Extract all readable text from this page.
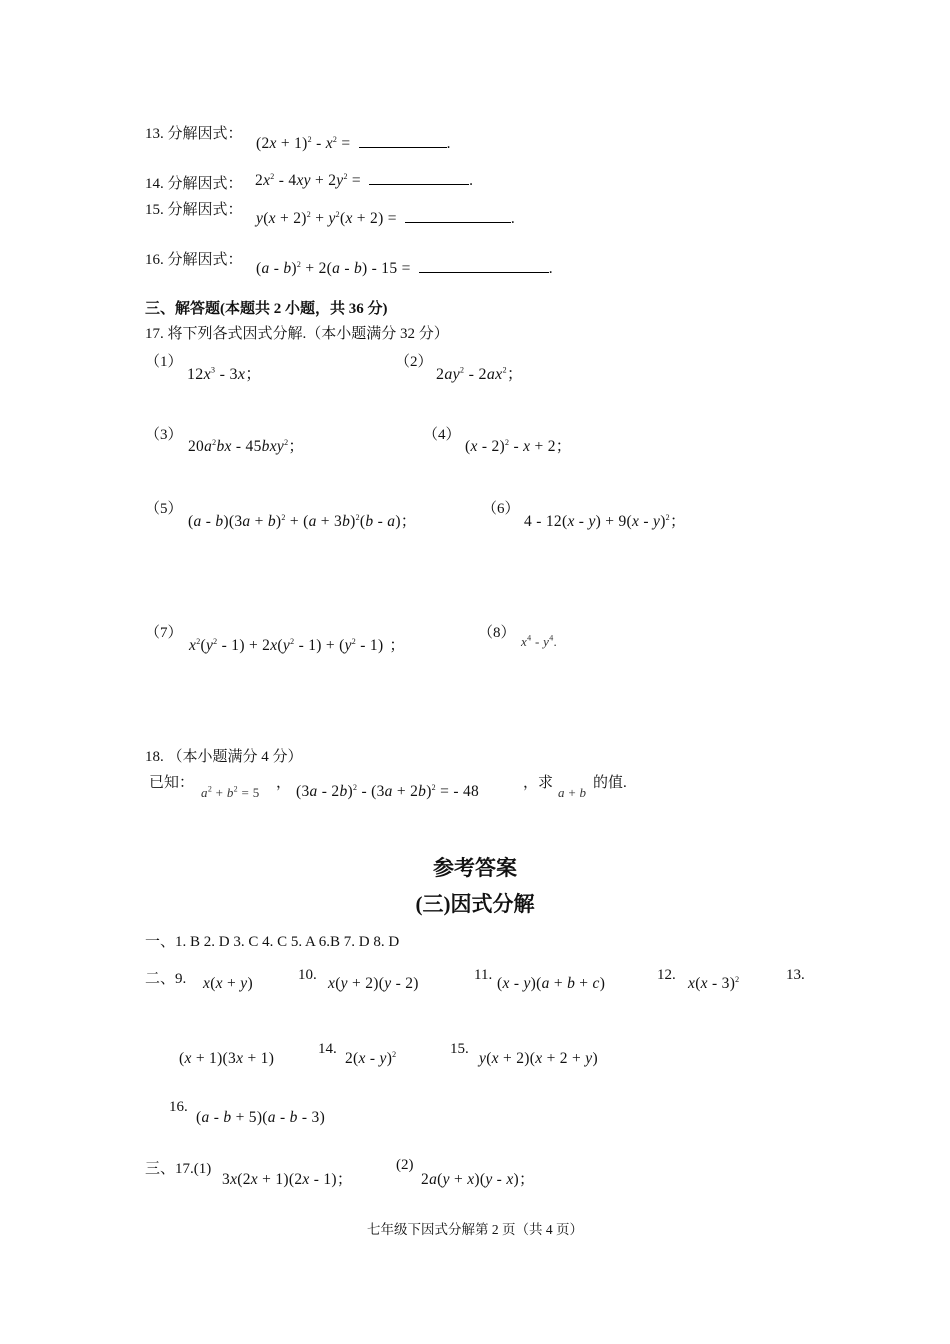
13. 分解因式：
$(2x + 1)^2 - x^2$ =	.
14. 分解因式： $2x^2 - 4xy + 2y^2$ =	.
15. 分解因式： $y(x + 2)^2 + y^2(x + 2)$ =	.
16. 分解因式： (a - b)$^2$ + 2(a - b) - 15 =	.
三、解答题(本题共 2 小题，共 36 分)
17. 将下列各式因式分解.（本小题满分 32 分）
（1）
$12x^3 - 3x$；
（2）
$2ay^2 - 2ax^2$；
（3）
$20a^2bx - 45bxy^2$；
（4）
(x - 2)$^2$ - x + 2；
（5）
$(a - b)(3a + b)^2 + (a + 3b)^2(b - a)$；
（6）
4 - 12(x - y) + 9(x - y)$^2$；
（7）
$x^2(y^2 - 1) + 2x(y^2 - 1) + (y^2 - 1)$ ；
（8）
$x^4 - y^4$.
18. （本小题满分 4 分）
已知：
$a^2 + b^2 = 5$
， $(3a - 2b)^2 - (3a + 2b)^2$ = - 48	，求
a + b
的值.
参考答案
(三)因式分解
一、1. B 2. D 3. C 4. C 5. A 6.B 7. D 8. D
二、9. x(x + y)	10. x(y + 2)(y - 2)	11. (x - y)(a + b + c)	12. x(x - 3)$^2$	13.
(x + 1)(3x + 1)
14.
2(x - y)$^2$	15.
y(x + 2)(x + 2 + y)
16.
(a - b + 5)(a - b - 3)
三、17.(1)
3x(2x + 1)(2x - 1)；
(2)
2a(y + x)(y - x)；
七年级下因式分解第 2 页（共 4 页）
